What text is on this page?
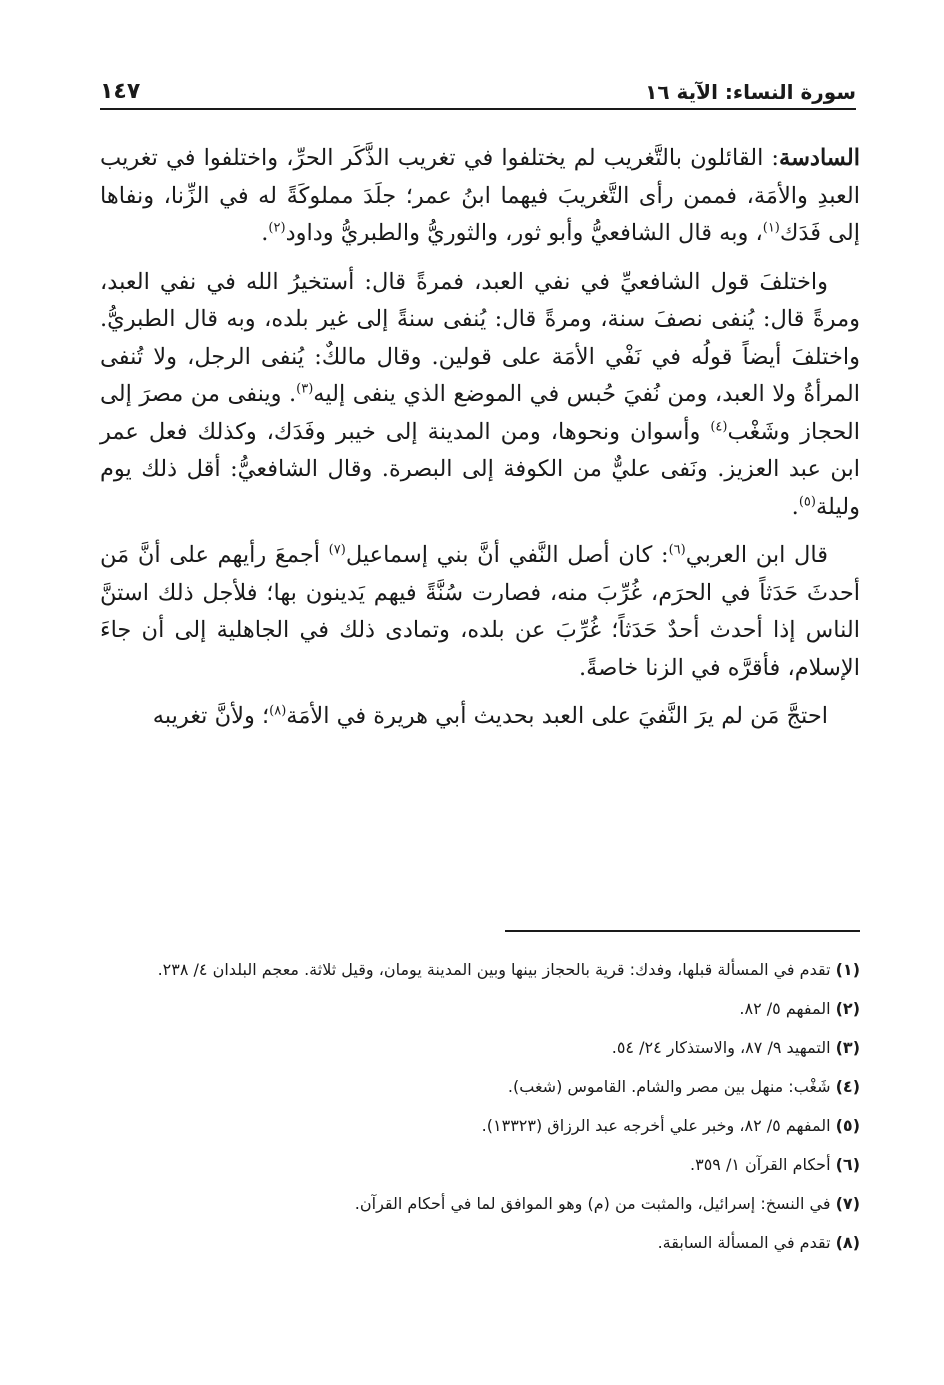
سورة النساء: الآية ١٦
١٤٧

السادسة: القائلون بالتَّغريب لم يختلفوا في تغريب الذَّكَر الحرِّ، واختلفوا في تغريب العبدِ والأمَة، فممن رأى التَّغريبَ فيهما ابنُ عمر؛ جلَدَ مملوكَةً له في الزِّنا، ونفاها إلى فَدَك$^{(١)}$، وبه قال الشافعيُّ وأبو ثور، والثوريُّ والطبريُّ وداود$^{(٢)}$.

واختلفَ قول الشافعيِّ في نفي العبد، فمرةً قال: أستخيرُ الله في نفي العبد، ومرةً قال: يُنفى نصفَ سنة، ومرةً قال: يُنفى سنةً إلى غير بلده، وبه قال الطبريُّ. واختلفَ أيضاً قولُه في نَفْي الأمَة على قولين. وقال مالكٌ: يُنفى الرجل، ولا تُنفى المرأةُ ولا العبد، ومن نُفيَ حُبس في الموضع الذي ينفى إليه$^{(٣)}$. وينفى من مصرَ إلى الحجاز وشَغْب$^{(٤)}$ وأسوان ونحوها، ومن المدينة إلى خيبر وفَدَك، وكذلك فعل عمر ابن عبد العزيز. ونَفى عليٌّ من الكوفة إلى البصرة. وقال الشافعيُّ: أقل ذلك يوم وليلة$^{(٥)}$.

قال ابن العربي$^{(٦)}$: كان أصل النَّفي أنَّ بني إسماعيل$^{(٧)}$ أجمعَ رأيهم على أنَّ مَن أحدثَ حَدَثاً في الحرَم، غُرِّبَ منه، فصارت سُنَّةً فيهم يَدينون بها؛ فلأجل ذلك استنَّ الناس إذا أحدث أحدٌ حَدَثاً؛ غُرِّبَ عن بلده، وتمادى ذلك في الجاهلية إلى أن جاءَ الإسلام، فأقرَّه في الزنا خاصةً.

احتجَّ مَن لم يرَ النَّفيَ على العبد بحديث أبي هريرة في الأمَة$^{(٨)}$؛ ولأنَّ تغريبه

(١) تقدم في المسألة قبلها، وفدك: قرية بالحجاز بينها وبين المدينة يومان، وقيل ثلاثة. معجم البلدان ٤/ ٢٣٨.

(٢) المفهم ٥/ ٨٢.

(٣) التمهيد ٩/ ٨٧، والاستذكار ٢٤/ ٥٤.

(٤) شَغْب: منهل بين مصر والشام. القاموس (شغب).

(٥) المفهم ٥/ ٨٢، وخبر علي أخرجه عبد الرزاق (١٣٣٢٣).

(٦) أحكام القرآن ١/ ٣٥٩.

(٧) في النسخ: إسرائيل، والمثبت من (م) وهو الموافق لما في أحكام القرآن.

(٨) تقدم في المسألة السابقة.
